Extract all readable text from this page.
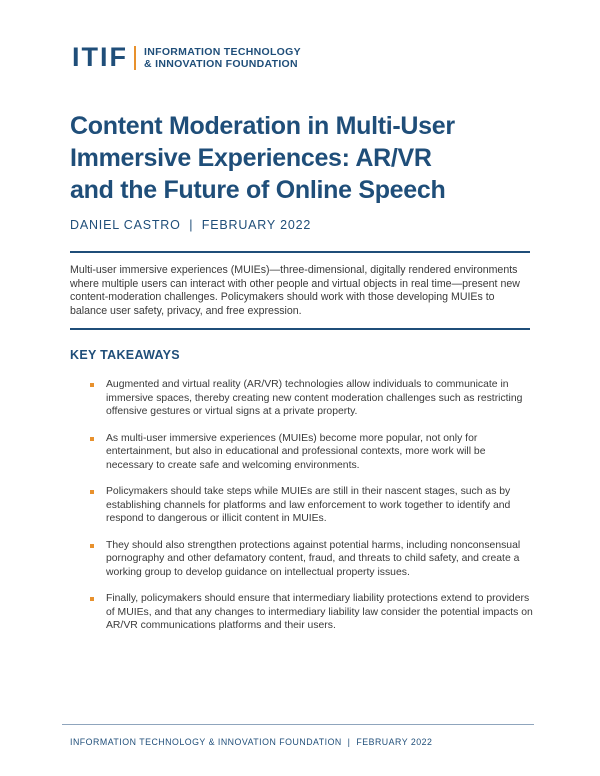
ITIF INFORMATION TECHNOLOGY
& INNOVATION FOUNDATION
Content Moderation in Multi-User
Immersive Experiences: AR/VR
and the Future of Online Speech
DANIEL CASTRO  |  FEBRUARY 2022

Multi-user immersive experiences (MUIEs)—three-dimensional, digitally rendered environments where multiple users can interact with other people and virtual objects in real time—present new content-moderation challenges. Policymakers should work with those developing MUIEs to balance user safety, privacy, and free expression.

KEY TAKEAWAYS
Augmented and virtual reality (AR/VR) technologies allow individuals to communicate in immersive spaces, thereby creating new content moderation challenges such as restricting offensive gestures or virtual signs at a private property.
As multi-user immersive experiences (MUIEs) become more popular, not only for entertainment, but also in educational and professional contexts, more work will be necessary to create safe and welcoming environments.
Policymakers should take steps while MUIEs are still in their nascent stages, such as by establishing channels for platforms and law enforcement to work together to identify and respond to dangerous or illicit content in MUIEs.
They should also strengthen protections against potential harms, including nonconsensual pornography and other defamatory content, fraud, and threats to child safety, and create a working group to develop guidance on intellectual property issues.
Finally, policymakers should ensure that intermediary liability protections extend to providers of MUIEs, and that any changes to intermediary liability law consider the potential impacts on AR/VR communications platforms and their users.
INFORMATION TECHNOLOGY & INNOVATION FOUNDATION  |  FEBRUARY 2022
